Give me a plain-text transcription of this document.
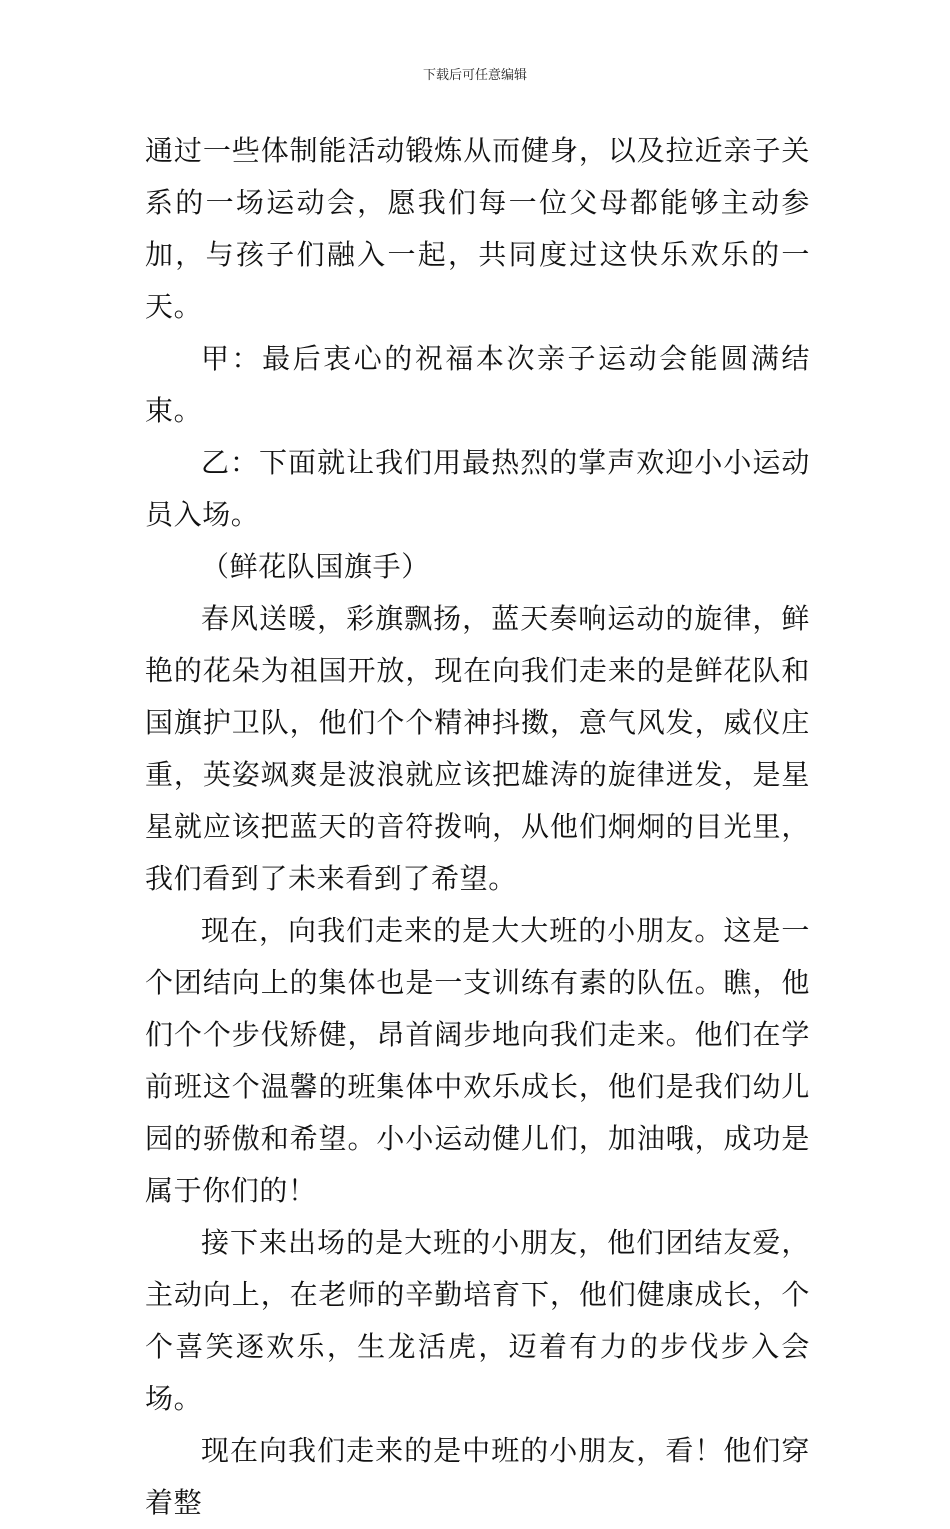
下载后可任意编辑

通过一些体制能活动锻炼从而健身，以及拉近亲子关系的一场运动会，愿我们每一位父母都能够主动参加，与孩子们融入一起，共同度过这快乐欢乐的一天。

甲：最后衷心的祝福本次亲子运动会能圆满结束。

乙：下面就让我们用最热烈的掌声欢迎小小运动员入场。

（鲜花队国旗手）

春风送暖，彩旗飘扬，蓝天奏响运动的旋律，鲜艳的花朵为祖国开放，现在向我们走来的是鲜花队和国旗护卫队，他们个个精神抖擞，意气风发，威仪庄重，英姿飒爽是波浪就应该把雄涛的旋律迸发，是星星就应该把蓝天的音符拨响，从他们炯炯的目光里，我们看到了未来看到了希望。

现在，向我们走来的是大大班的小朋友。这是一个团结向上的集体也是一支训练有素的队伍。瞧，他们个个步伐矫健，昂首阔步地向我们走来。他们在学前班这个温馨的班集体中欢乐成长，他们是我们幼儿园的骄傲和希望。小小运动健儿们，加油哦，成功是属于你们的！

接下来出场的是大班的小朋友，他们团结友爱，主动向上，在老师的辛勤培育下，他们健康成长，个个喜笑逐欢乐，生龙活虎，迈着有力的步伐步入会场。

现在向我们走来的是中班的小朋友，看！他们穿着整
